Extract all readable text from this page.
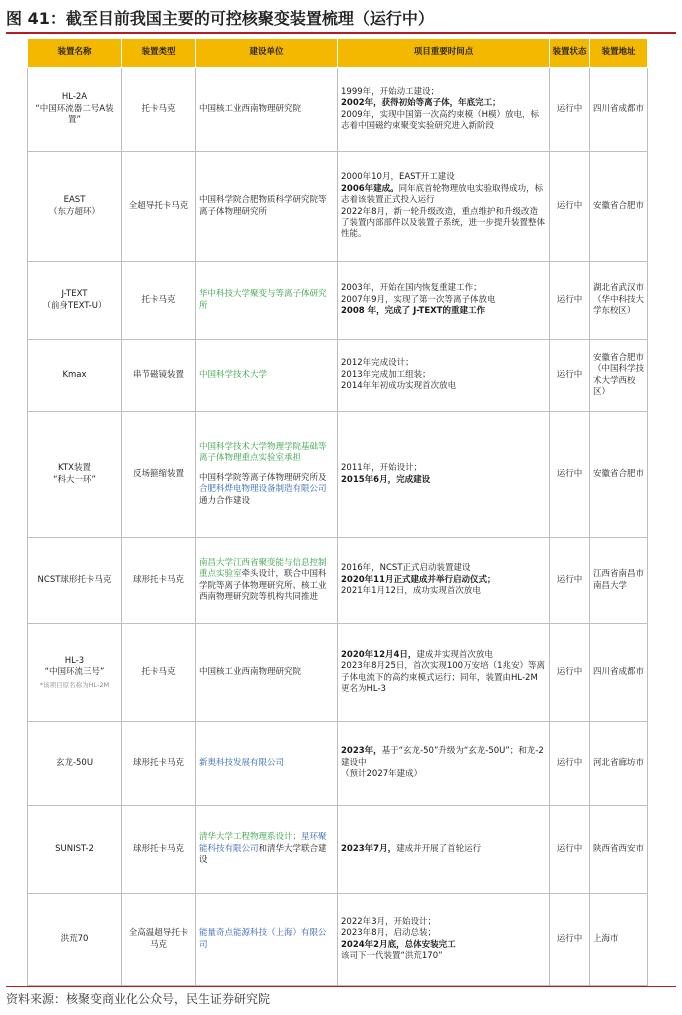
图 41：截至目前我国主要的可控核聚变装置梳理（运行中）
装置名称	装置类型	建设单位	项目重要时间点	装置状态	装置地址

HL-2A
“中国环流器二号A装置”	托卡马克	中国核工业西南物理研究院	1999年，开始动工建设；
2002年，获得初始等离子体，年底完工；
2009年，实现中国第一次高约束模（H模）放电，标志着中国磁约束聚变实验研究进入新阶段	运行中	四川省成都市

EAST
（东方超环）	全超导托卡马克	中国科学院合肥物质科学研究院等离子体物理研究所	2000年10月，EAST开工建设
2006年建成。同年底首轮物理放电实验取得成功，标志着该装置正式投入运行
2022年8月，新一轮升级改造，重点维护和升级改造了装置内部部件以及装置子系统，进一步提升装置整体性能。	运行中	安徽省合肥市

J-TEXT
（前身TEXT-U）	托卡马克	华中科技大学聚变与等离子体研究所	2003年，开始在国内恢复重建工作；
2007年9月，实现了第一次等离子体放电
2008 年，完成了 J-TEXT的重建工作	运行中	湖北省武汉市（华中科技大学东校区）

Kmax	串节磁镜装置	中国科学技术大学	2012年完成设计；
2013年完成加工组装；
2014年年初成功实现首次放电	运行中	安徽省合肥市（中国科学技术大学西校区）

KTX装置
“科大一环”	反场箍缩装置	中国科学技术大学物理学院基础等离子体物理重点实验室承担
中国科学院等离子体物理研究所及合肥科烨电物理设备制造有限公司通力合作建设	2011年，开始设计；
2015年6月，完成建设	运行中	安徽省合肥市

NCST球形托卡马克	球形托卡马克	南昌大学江西省聚变能与信息控制重点实验室牵头设计，联合中国科学院等离子体物理研究所、核工业西南物理研究院等机构共同推进	2016年，NCST正式启动装置建设
2020年11月正式建成并举行启动仪式；
2021年1月12日，成功实现首次放电	运行中	江西省南昌市南昌大学

HL-3
“中国环流三号”
*该项目原名称为HL-2M	托卡马克	中国核工业西南物理研究院	2020年12月4日，建成并实现首次放电
2023年8月25日，首次实现100万安培（1兆安）等离子体电流下的高约束模式运行；同年，装置由HL-2M更名为HL-3	运行中	四川省成都市

玄龙-50U	球形托卡马克	新奥科技发展有限公司	2023年，基于“玄龙-50”升级为“玄龙-50U”；和龙-2建设中
（预计2027年建成）	运行中	河北省廊坊市

SUNIST-2	球形托卡马克	清华大学工程物理系设计；星环聚能科技有限公司和清华大学联合建设	2023年7月，建成并开展了首轮运行	运行中	陕西省西安市

洪荒70	全高温超导托卡马克	能量奇点能源科技（上海）有限公司	2022年3月，开始设计；
2023年8月，启动总装；
2024年2月底，总体安装完工
该司下一代装置“洪荒170”	运行中	上海市
资料来源：核聚变商业化公众号，民生证券研究院
